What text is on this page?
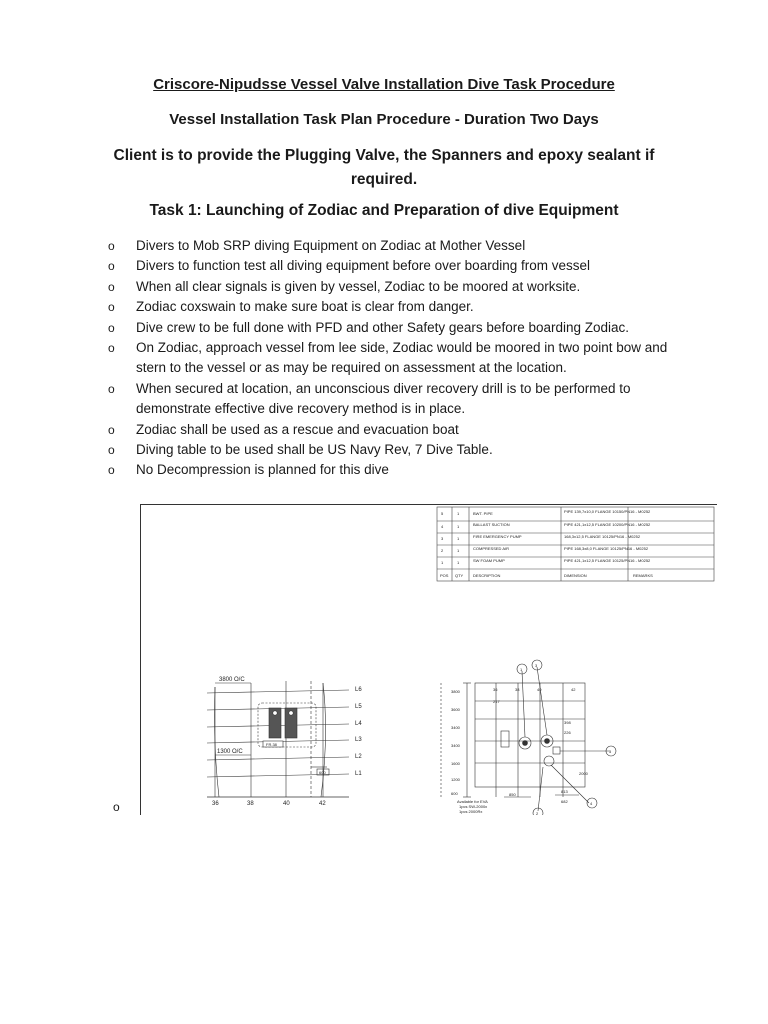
Criscore-Nipudsse Vessel Valve Installation Dive Task Procedure
Vessel Installation Task Plan Procedure - Duration Two Days
Client is to provide the Plugging Valve, the Spanners and epoxy sealant if required.
Task 1: Launching of Zodiac and Preparation of dive Equipment
o Divers to Mob SRP diving Equipment on Zodiac at Mother Vessel
o Divers to function test all diving equipment before over boarding from vessel
o When all clear signals is given by vessel, Zodiac to be moored at worksite.
o Zodiac coxswain to make sure boat is clear from danger.
o Dive crew to be full done with PFD and other Safety gears before boarding Zodiac.
o On Zodiac, approach vessel from lee side, Zodiac would be moored in two point bow and stern to the vessel or as may be required on assessment at the location.
o When secured at location, an unconscious diver recovery drill is to be performed to demonstrate effective dive recovery method is in place.
o Zodiac shall be used as a rescue and evacuation boat
o Diving table to be used shall be US Navy Rev, 7 Dive Table.
o No Decompression is planned for this dive
o
5	1	BWT. PIPE	PIPE 139,7x10,0 FLANGE 10150/PN16 - M0252
4	1	BALLAST SUCTION	PIPE 421,1x12,5 FLANGE 10200/PN16 - M0252
3	1	FIRE EMERGENCY PUMP	168,3x12,5 FLANGE 10125/PN16 - M0252
2	1	COMPRESSED AIR	PIPE 168,3x8,0 FLANGE 10125/PN16 - M0252
1	1	SW FOAM PUMP	PIPE 421,1x12,5 FLANGE 10125/PN16 - M0252
POS QTY DESCRIPTION	DIMENSION	REMARKS
3800 O/C
1300 O/C
600
FR.38
36	38	40	42
L6
L5
L4
L3
L2
L1
1
3
5
4
2
36	38	40	42
217
398
226
850
813
2000
682
3800
3600
3400
3400
1600
1200
600
Available for EVA
1pcs SW-2000x
1pcs 2000Rx
